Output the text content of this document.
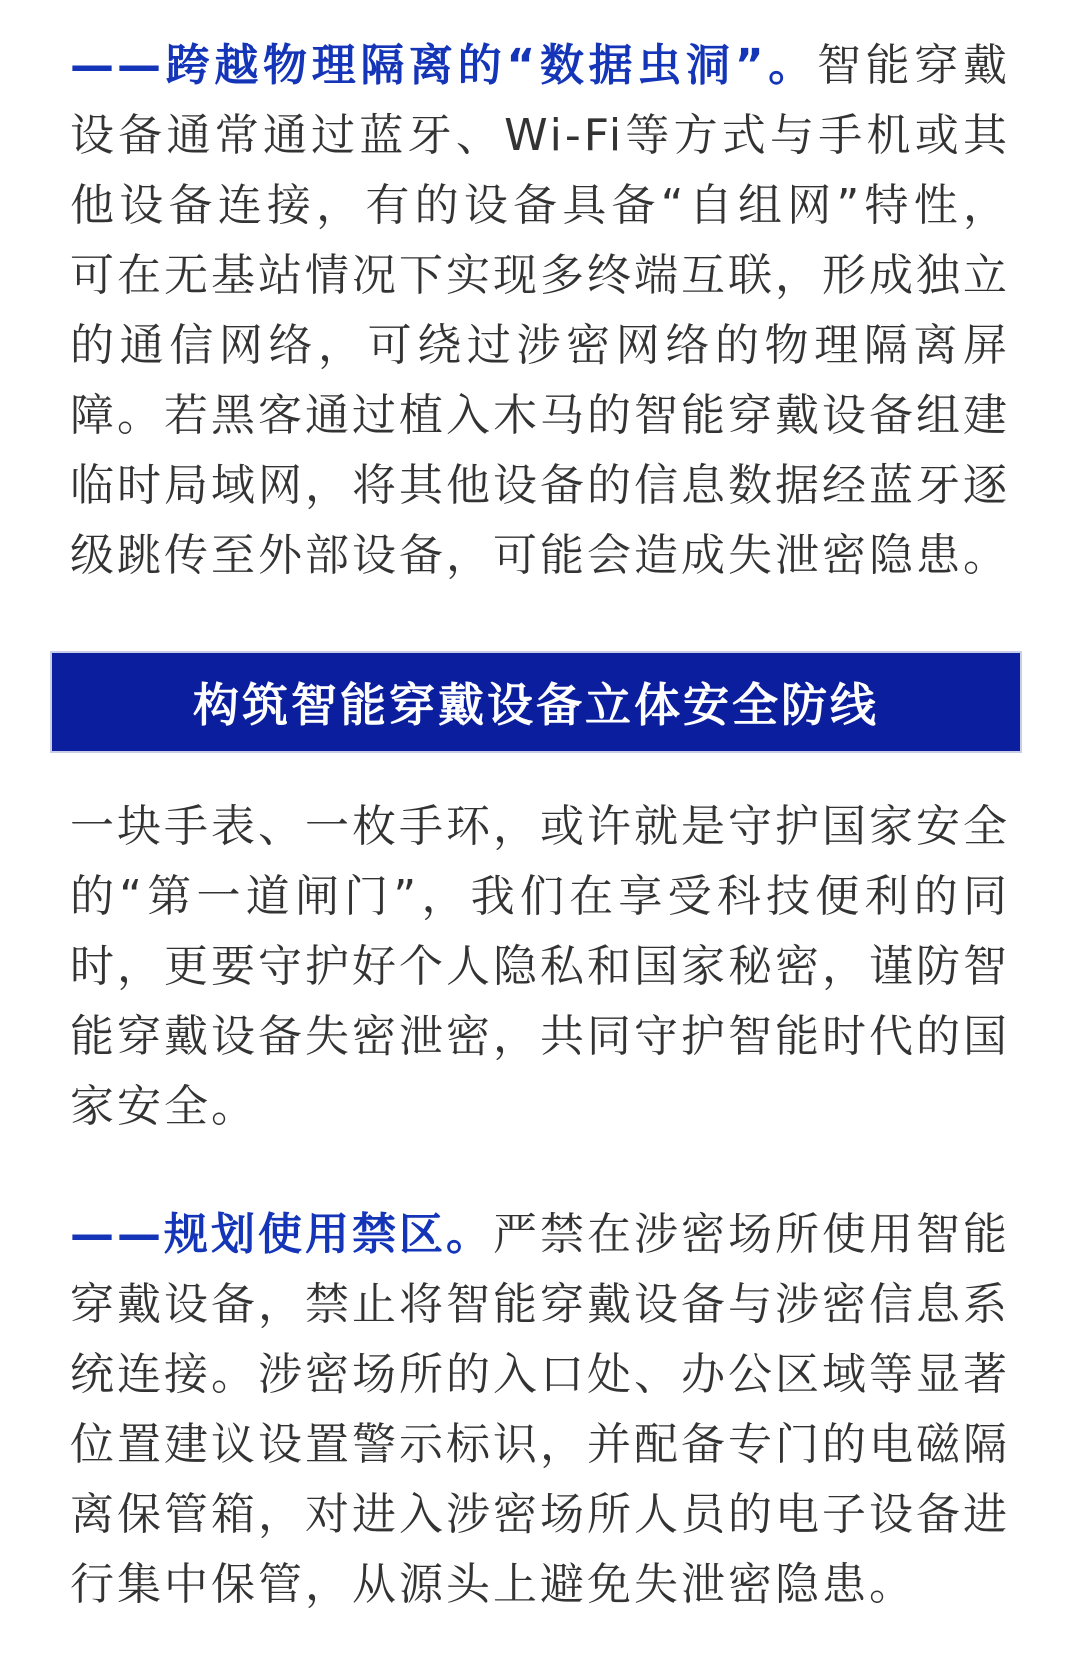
——跨越物理隔离的“数据虫洞”。智能穿戴设备通常通过蓝牙、Wi-Fi等方式与手机或其他设备连接，有的设备具备“自组网”特性，可在无基站情况下实现多终端互联，形成独立的通信网络，可绕过涉密网络的物理隔离屏障。若黑客通过植入木马的智能穿戴设备组建临时局域网，将其他设备的信息数据经蓝牙逐级跳传至外部设备，可能会造成失泄密隐患。

构筑智能穿戴设备立体安全防线

一块手表、一枚手环，或许就是守护国家安全的“第一道闸门”，我们在享受科技便利的同时，更要守护好个人隐私和国家秘密，谨防智能穿戴设备失密泄密，共同守护智能时代的国家安全。

——规划使用禁区。严禁在涉密场所使用智能穿戴设备，禁止将智能穿戴设备与涉密信息系统连接。涉密场所的入口处、办公区域等显著位置建议设置警示标识，并配备专门的电磁隔离保管箱，对进入涉密场所人员的电子设备进行集中保管，从源头上避免失泄密隐患。
